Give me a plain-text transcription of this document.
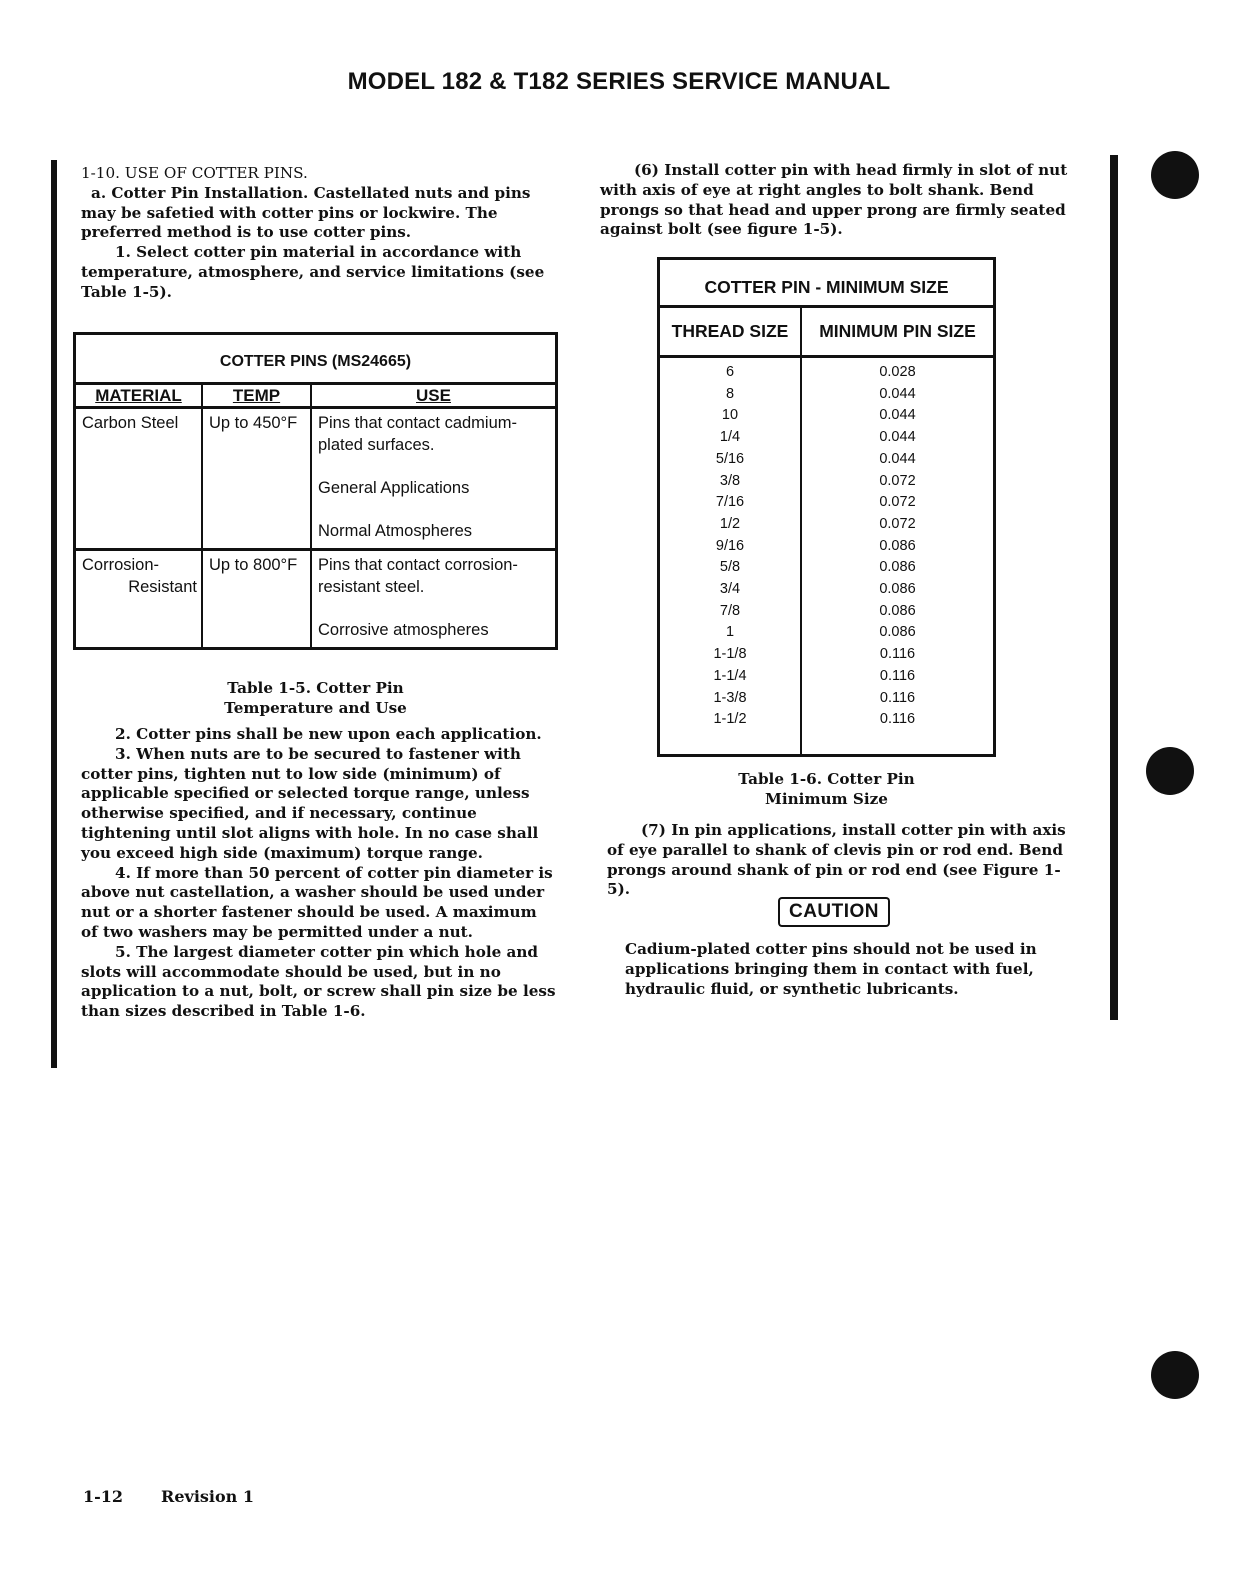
MODEL 182 & T182 SERIES SERVICE MANUAL

1-10. USE OF COTTER PINS.

a. Cotter Pin Installation. Castellated nuts and pins may be safetied with cotter pins or lockwire. The preferred method is to use cotter pins.

1. Select cotter pin material in accordance with temperature, atmosphere, and service limitations (see Table 1-5).

COTTER PINS (MS24665)
MATERIAL	TEMP	USE
Carbon Steel	Up to 450°F	Pins that contact cadmium-plated surfaces.
General Applications
Normal Atmospheres

Corrosion-
Resistant	Up to 800°F	Pins that contact corrosion-resistant steel.
Corrosive atmospheres
Table 1-5. Cotter Pin
Temperature and Use

2. Cotter pins shall be new upon each application.

3. When nuts are to be secured to fastener with cotter pins, tighten nut to low side (minimum) of applicable specified or selected torque range, unless otherwise specified, and if necessary, continue tightening until slot aligns with hole. In no case shall you exceed high side (maximum) torque range.

4. If more than 50 percent of cotter pin diameter is above nut castellation, a washer should be used under nut or a shorter fastener should be used. A maximum of two washers may be permitted under a nut.

5. The largest diameter cotter pin which hole and slots will accommodate should be used, but in no application to a nut, bolt, or screw shall pin size be less than sizes described in Table 1-6.

(6) Install cotter pin with head firmly in slot of nut with axis of eye at right angles to bolt shank. Bend prongs so that head and upper prong are firmly seated against bolt (see figure 1-5).

COTTER PIN - MINIMUM SIZE
THREAD SIZE	MINIMUM PIN SIZE
6	0.028
8	0.044
10	0.044
1/4	0.044
5/16	0.044
3/8	0.072
7/16	0.072
1/2	0.072
9/16	0.086
5/8	0.086
3/4	0.086
7/8	0.086
1	0.086
1-1/8	0.116
1-1/4	0.116
1-3/8	0.116
1-1/2	0.116
Table 1-6. Cotter Pin
Minimum Size

(7) In pin applications, install cotter pin with axis of eye parallel to shank of clevis pin or rod end. Bend prongs around shank of pin or rod end (see Figure 1-5).

CAUTION

Cadium-plated cotter pins should not be used in applications bringing them in contact with fuel, hydraulic fluid, or synthetic lubricants.

1-12 Revision 1
